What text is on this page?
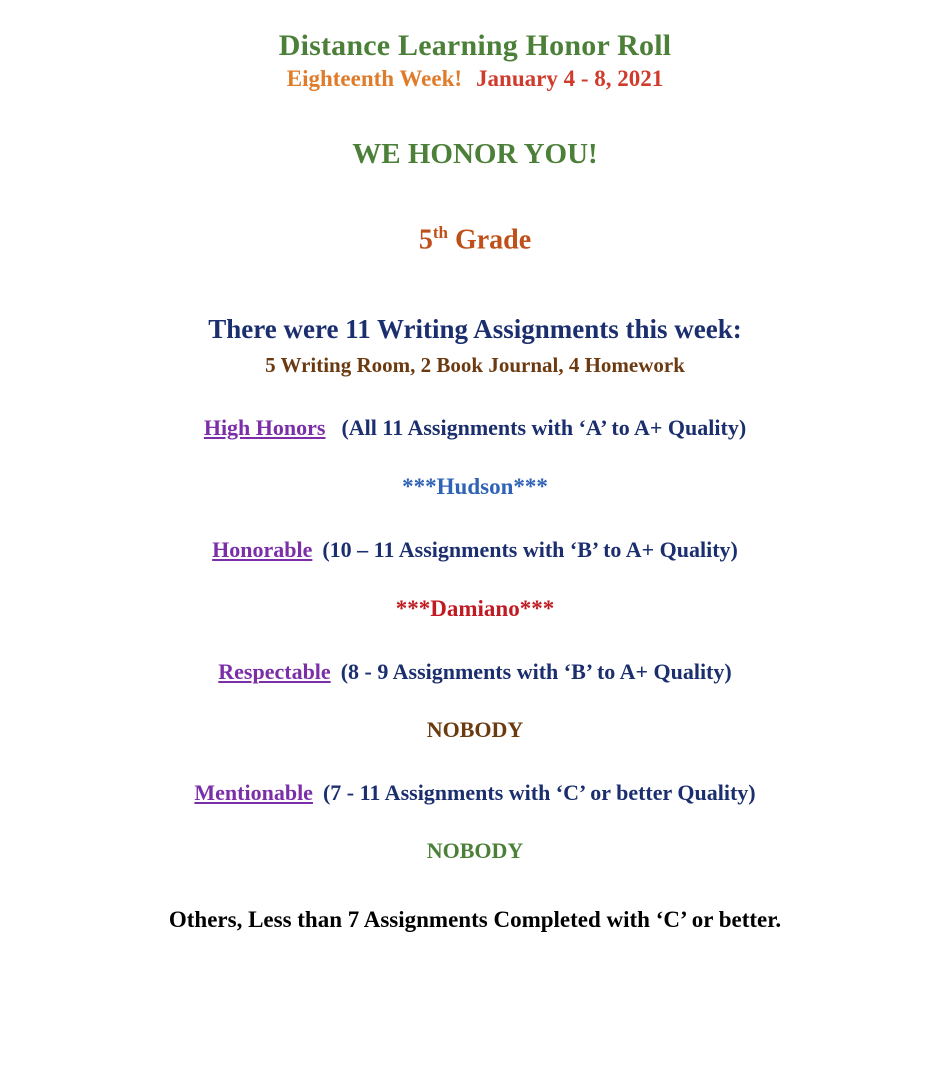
Distance Learning Honor Roll
Eighteenth Week! January 4 - 8, 2021
WE HONOR YOU!
5th Grade
There were 11 Writing Assignments this week:
5 Writing Room, 2 Book Journal, 4 Homework
High Honors (All 11 Assignments with ‘A’ to A+ Quality)
***Hudson***
Honorable (10 – 11 Assignments with ‘B’ to A+ Quality)
***Damiano***
Respectable (8 - 9 Assignments with ‘B’ to A+ Quality)
NOBODY
Mentionable (7 - 11 Assignments with ‘C’ or better Quality)
NOBODY
Others, Less than 7 Assignments Completed with ‘C’ or better.
